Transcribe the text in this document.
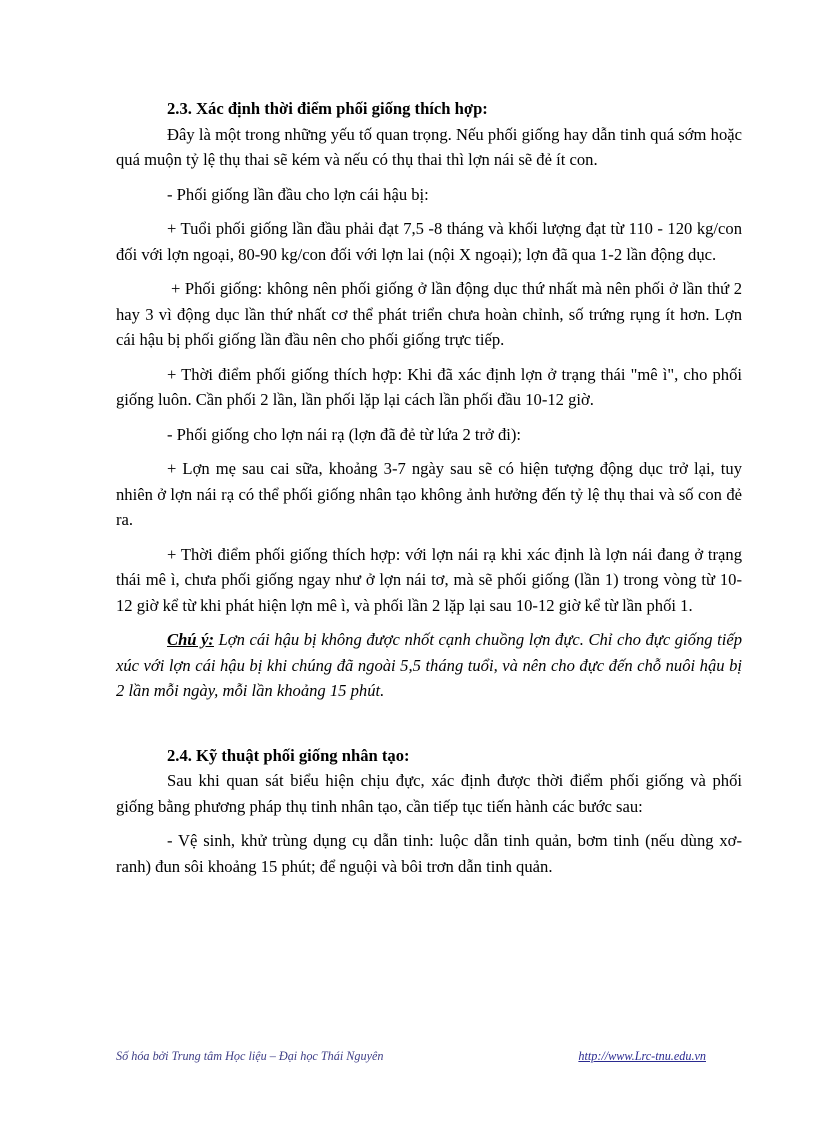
2.3. Xác định thời điểm phối giống thích hợp:

Đây là một trong những yếu tố quan trọng. Nếu phối giống hay dẫn tinh quá sớm hoặc quá muộn tỷ lệ thụ thai sẽ kém và nếu có thụ thai thì lợn nái sẽ đẻ ít con.

- Phối giống lần đầu cho lợn cái hậu bị:

+ Tuổi phối giống lần đầu phải đạt 7,5 -8 tháng và khối lượng đạt từ 110 - 120 kg/con đối với lợn ngoại, 80-90 kg/con đối với lợn lai (nội X ngoại); lợn đã qua 1-2 lần động dục.

+ Phối giống: không nên phối giống ở lần động dục thứ nhất mà nên phối ở lần thứ 2 hay 3 vì động dục lần thứ nhất cơ thể phát triển chưa hoàn chỉnh, số trứng rụng ít hơn. Lợn cái hậu bị phối giống lần đầu nên cho phối giống trực tiếp.

+ Thời điểm phối giống thích hợp: Khi đã xác định lợn ở trạng thái "mê ì", cho phối giống luôn. Cần phối 2 lần, lần phối lặp lại cách lần phối đầu 10-12 giờ.

- Phối giống cho lợn nái rạ (lợn đã đẻ từ lứa 2 trở đi):

+ Lợn mẹ sau cai sữa, khoảng 3-7 ngày sau sẽ có hiện tượng động dục trở lại, tuy nhiên ở lợn nái rạ có thể phối giống nhân tạo không ảnh hưởng đến tỷ lệ thụ thai và số con đẻ ra.

+ Thời điểm phối giống thích hợp: với lợn nái rạ khi xác định là lợn nái đang ở trạng thái mê ì, chưa phối giống ngay như ở lợn nái tơ, mà sẽ phối giống (lần 1) trong vòng từ 10-12 giờ kể từ khi phát hiện lợn mê ì, và phối lần 2 lặp lại sau 10-12 giờ kể từ lần phối 1.

Chú ý: Lợn cái hậu bị không được nhốt cạnh chuồng lợn đực. Chỉ cho đực giống tiếp xúc với lợn cái hậu bị khi chúng đã ngoài 5,5 tháng tuổi, và nên cho đực đến chỗ nuôi hậu bị 2 lần mỗi ngày, mỗi lần khoảng 15 phút.

2.4. Kỹ thuật phối giống nhân tạo:

Sau khi quan sát biểu hiện chịu đực, xác định được thời điểm phối giống và phối giống bằng phương pháp thụ tinh nhân tạo, cần tiếp tục tiến hành các bước sau:

- Vệ sinh, khử trùng dụng cụ dẫn tinh: luộc dẫn tinh quản, bơm tinh (nếu dùng xơ-ranh) đun sôi khoảng 15 phút; để nguội và bôi trơn dẫn tinh quản.

Số hóa bởi Trung tâm Học liệu – Đại học Thái Nguyên	http://www.Lrc-tnu.edu.vn
